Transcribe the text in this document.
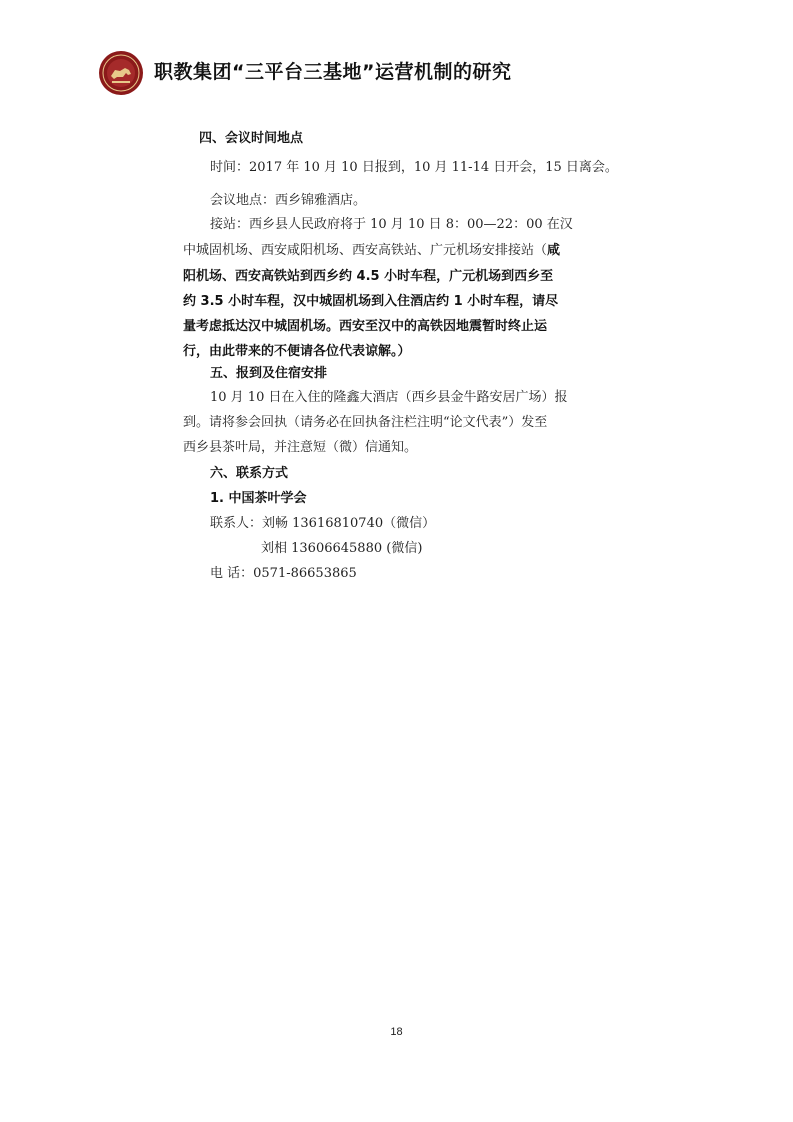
职教集团“三平台三基地”运营机制的研究
四、会议时间地点
时间：2017 年 10 月 10 日报到，10 月 11-14 日开会，15 日离会。
会议地点：西乡锦雅酒店。
接站：西乡县人民政府将于 10 月 10 日 8：00—22：00 在汉
中城固机场、西安咸阳机场、西安高铁站、广元机场安排接站（咸
阳机场、西安高铁站到西乡约 4.5 小时车程，广元机场到西乡至
约 3.5 小时车程，汉中城固机场到入住酒店约 1 小时车程，请尽
量考虑抵达汉中城固机场。西安至汉中的高铁因地震暂时终止运
行，由此带来的不便请各位代表谅解。）
五、报到及住宿安排
10 月 10 日在入住的隆鑫大酒店（西乡县金牛路安居广场）报
到。请将参会回执（请务必在回执备注栏注明“论文代表”）发至
西乡县茶叶局，并注意短（微）信通知。
六、联系方式
1. 中国茶叶学会
联系人：刘畅 13616810740（微信）
刘相 13606645880 (微信)
电 话：0571-86653865
18
